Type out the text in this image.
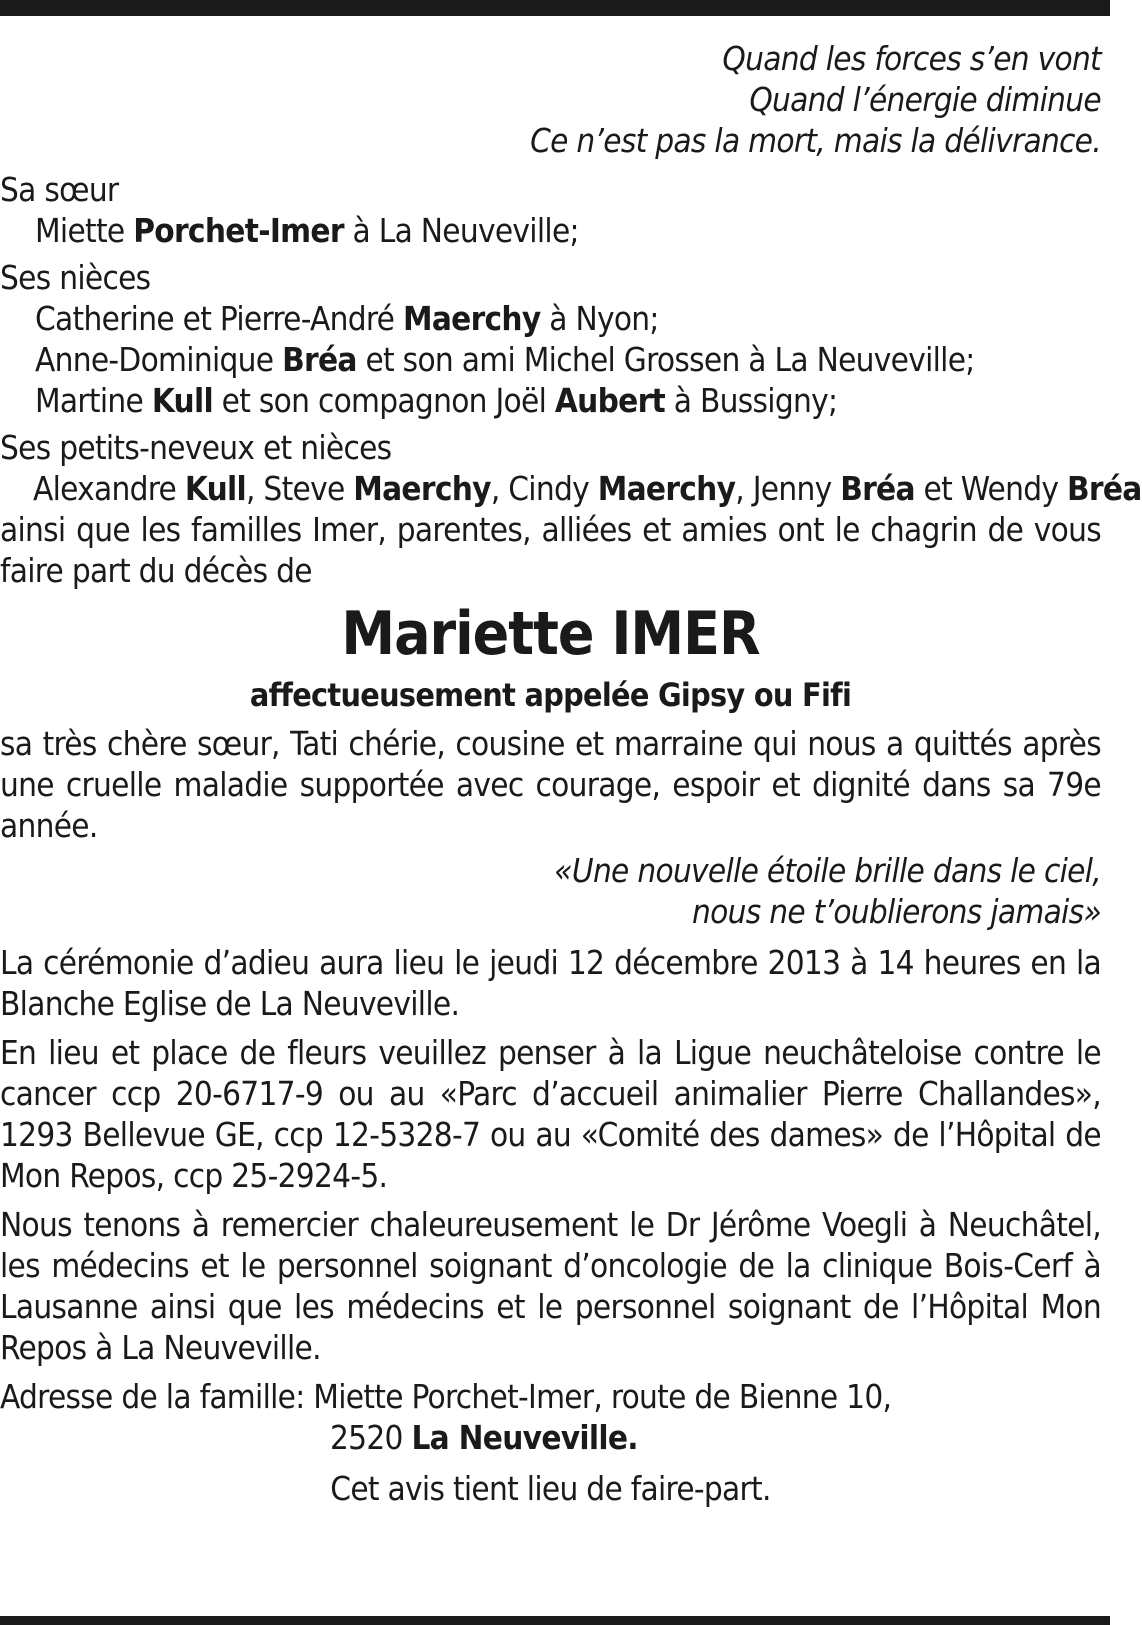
Quand les forces s’en vont
Quand l’énergie diminue
Ce n’est pas la mort, mais la délivrance.
Sa sœur
Miette Porchet-Imer à La Neuveville;
Ses nièces
Catherine et Pierre-André Maerchy à Nyon;
Anne-Dominique Bréa et son ami Michel Grossen à La Neuveville;
Martine Kull et son compagnon Joël Aubert à Bussigny;
Ses petits-neveux et nièces
Alexandre Kull, Steve Maerchy, Cindy Maerchy, Jenny Bréa et Wendy Bréa
ainsi que les familles Imer, parentes, alliées et amies ont le chagrin de vous faire part du décès de
Mariette IMER
affectueusement appelée Gipsy ou Fifi
sa très chère sœur, Tati chérie, cousine et marraine qui nous a quittés après une cruelle maladie supportée avec courage, espoir et dignité dans sa 79e année.
«Une nouvelle étoile brille dans le ciel,
nous ne t’oublierons jamais»
La cérémonie d’adieu aura lieu le jeudi 12 décembre 2013 à 14 heures en la Blanche Eglise de La Neuveville.
En lieu et place de fleurs veuillez penser à la Ligue neuchâteloise contre le cancer ccp 20-6717-9 ou au «Parc d’accueil animalier Pierre Challandes», 1293 Bellevue GE, ccp 12-5328-7 ou au «Comité des dames» de l’Hôpital de Mon Repos, ccp 25-2924-5.
Nous tenons à remercier chaleureusement le Dr Jérôme Voegli à Neuchâtel, les médecins et le personnel soignant d’oncologie de la clinique Bois-Cerf à Lausanne ainsi que les médecins et le personnel soignant de l’Hôpital Mon Repos à La Neuveville.
Adresse de la famille: Miette Porchet-Imer, route de Bienne 10,
2520 La Neuveville.
Cet avis tient lieu de faire-part.
